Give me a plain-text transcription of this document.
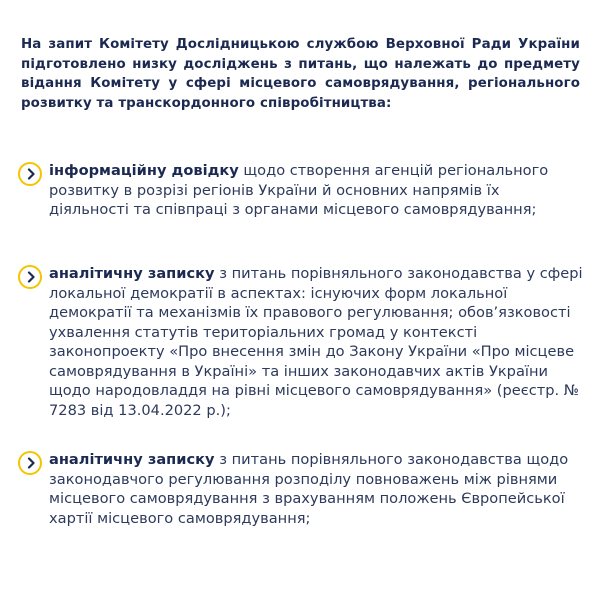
На запит Комітету Дослідницькою службою Верховної Ради України підготовлено низку досліджень з питань, що належать до предмету відання Комітету у сфері місцевого самоврядування, регіонального розвитку та транскордонного співробітництва:

інформаційну довідку щодо створення агенцій регіонального розвитку в розрізі регіонів України й основних напрямів їх діяльності та співпраці з органами місцевого самоврядування;

аналітичну записку з питань порівняльного законодавства у сфері локальної демократії в аспектах: існуючих форм локальної демократії та механізмів їх правового регулювання; обов’язковості ухвалення статутів територіальних громад у контексті законопроекту «Про внесення змін до Закону України «Про місцеве самоврядування в Україні» та інших законодавчих актів України щодо народовладдя на рівні місцевого самоврядування» (реєстр. № 7283 від 13.04.2022 р.);

аналітичну записку з питань порівняльного законодавства щодо законодавчого регулювання розподілу повноважень між рівнями місцевого самоврядування з врахуванням положень Європейської хартії місцевого самоврядування;
